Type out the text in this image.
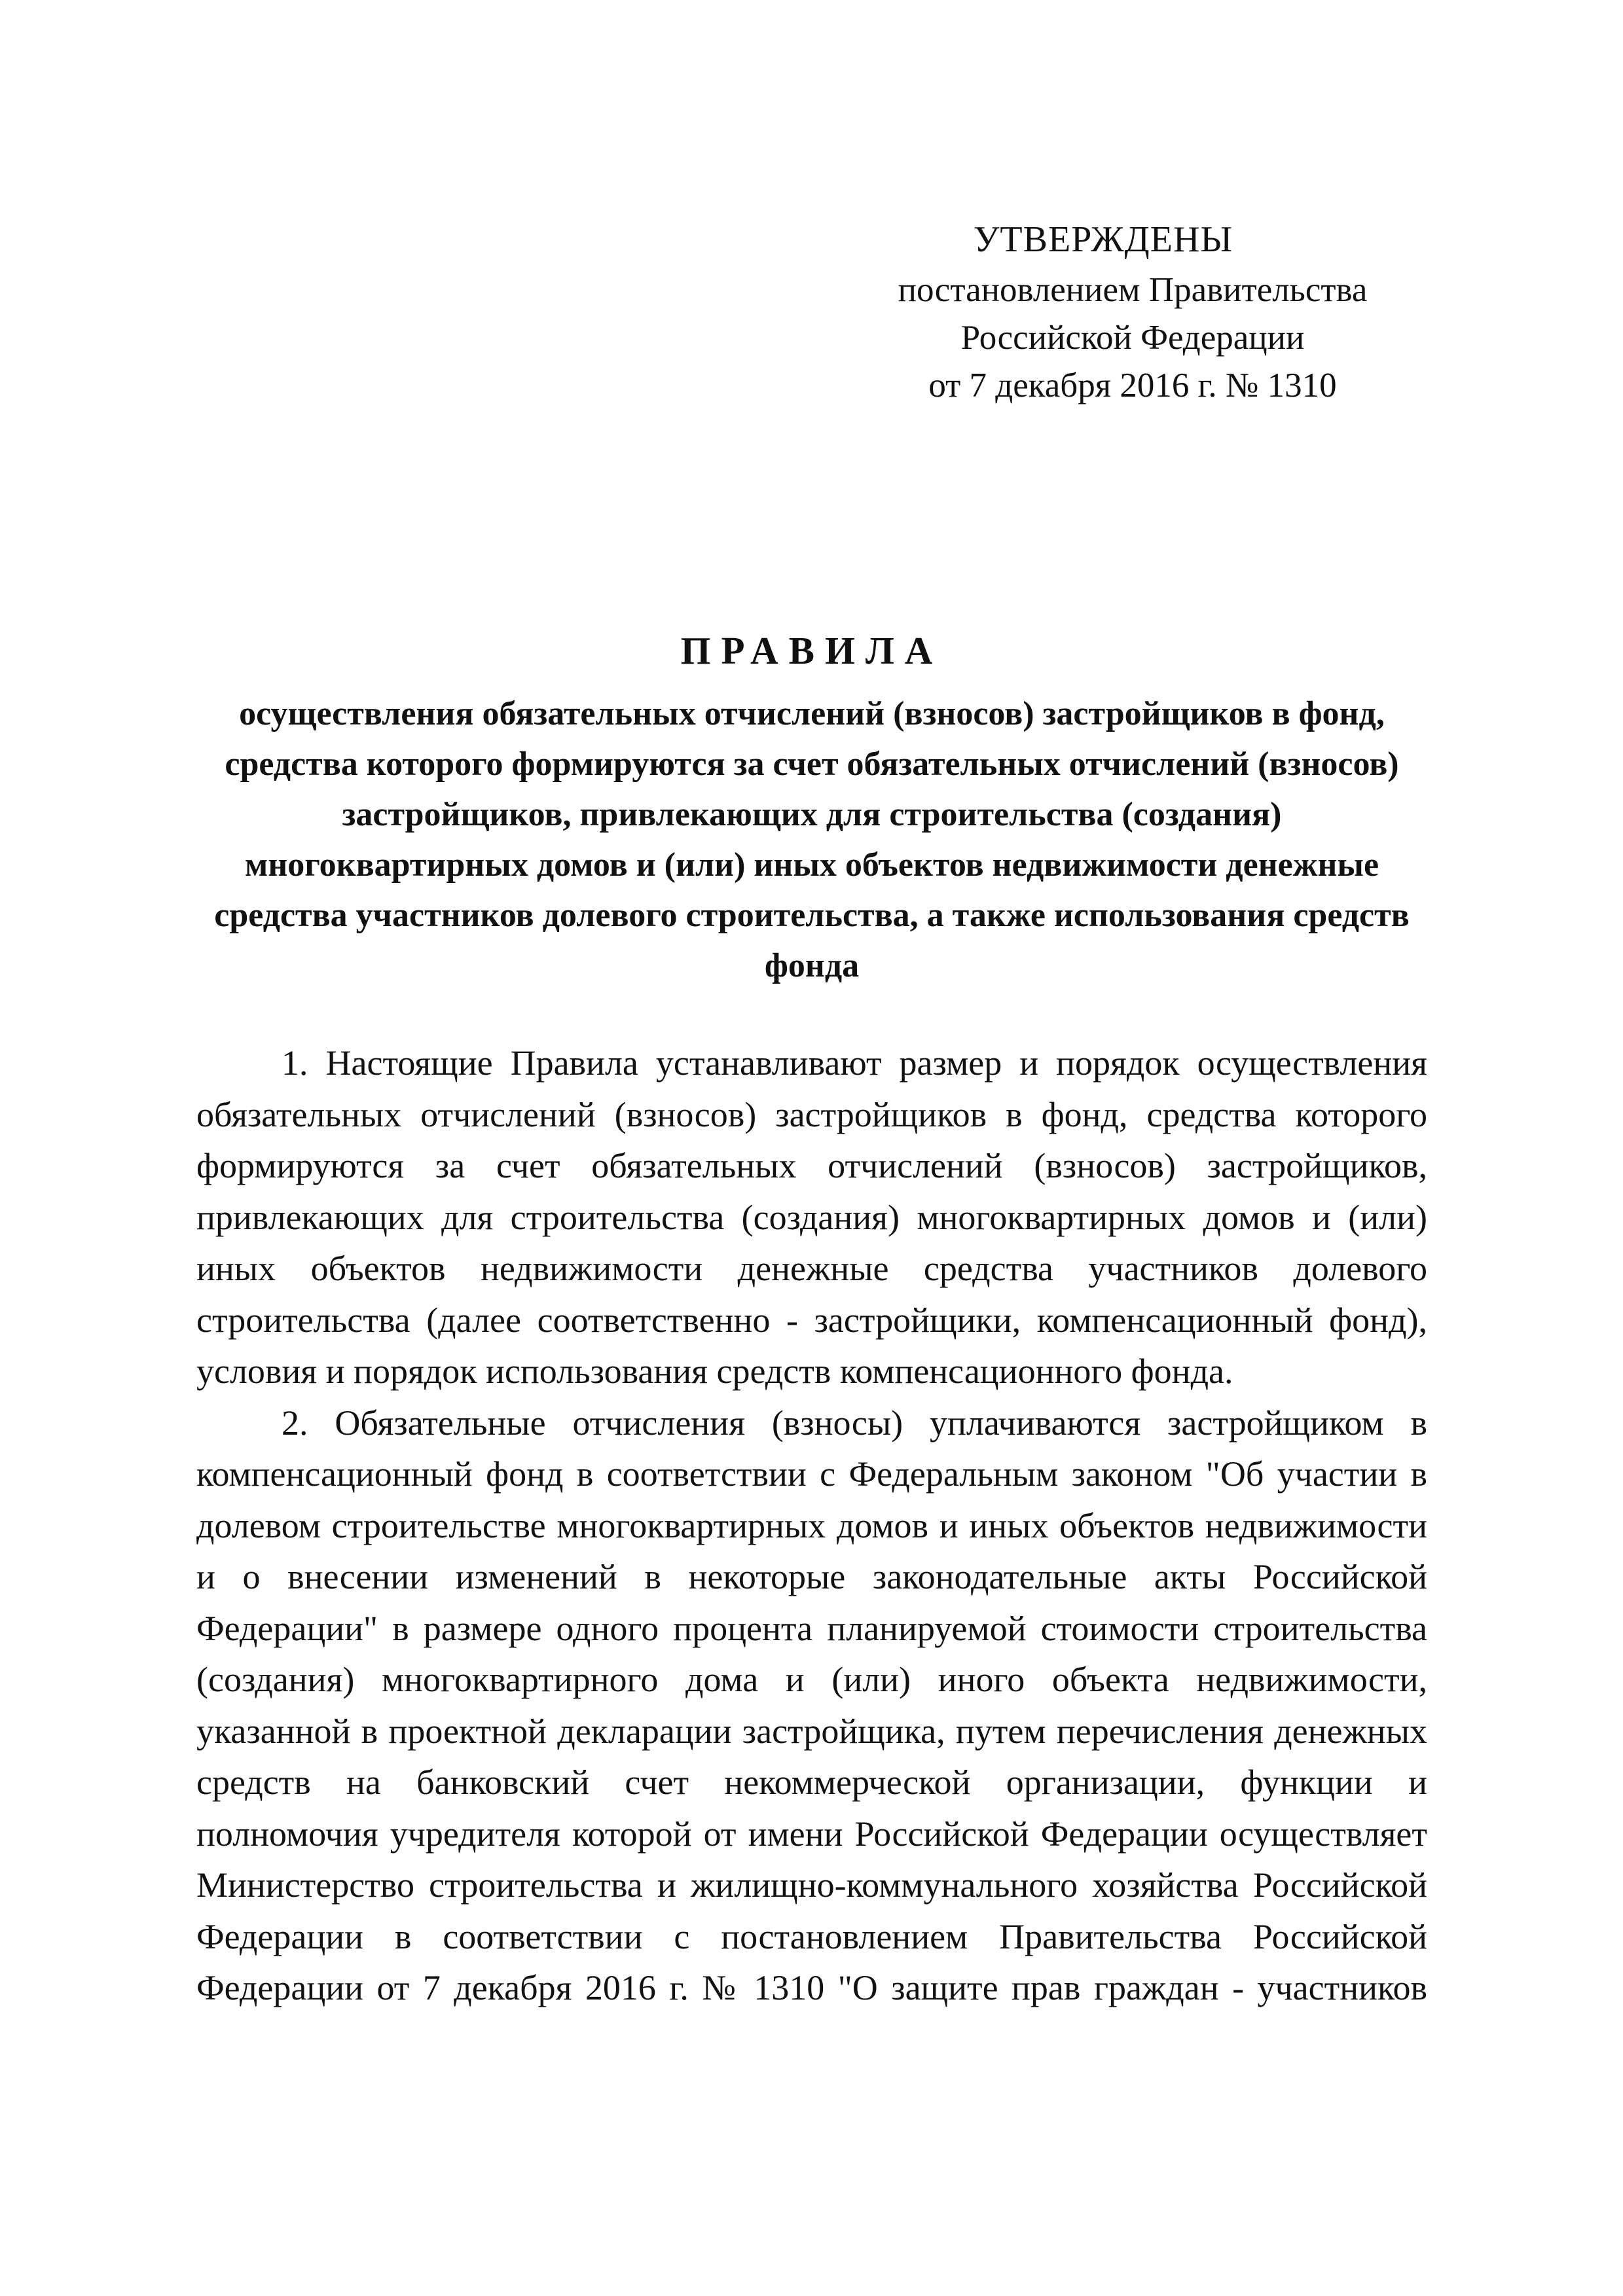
УТВЕРЖДЕНЫ
постановлением Правительства
Российской Федерации
от 7 декабря 2016 г. № 1310
ПРАВИЛА
осуществления обязательных отчислений (взносов) застройщиков в фонд, средства которого формируются за счет обязательных отчислений (взносов) застройщиков, привлекающих для строительства (создания) многоквартирных домов и (или) иных объектов недвижимости денежные средства участников долевого строительства, а также использования средств фонда

1. Настоящие Правила устанавливают размер и порядок осуществления обязательных отчислений (взносов) застройщиков в фонд, средства которого формируются за счет обязательных отчислений (взносов) застройщиков, привлекающих для строительства (создания) многоквартирных домов и (или) иных объектов недвижимости денежные средства участников долевого строительства (далее соответственно - застройщики, компенсационный фонд), условия и порядок использования средств компенсационного фонда.

2. Обязательные отчисления (взносы) уплачиваются застройщиком в компенсационный фонд в соответствии с Федеральным законом "Об участии в долевом строительстве многоквартирных домов и иных объектов недвижимости и о внесении изменений в некоторые законодательные акты Российской Федерации" в размере одного процента планируемой стоимости строительства (создания) многоквартирного дома и (или) иного объекта недвижимости, указанной в проектной декларации застройщика, путем перечисления денежных средств на банковский счет некоммерческой организации, функции и полномочия учредителя которой от имени Российской Федерации осуществляет Министерство строительства и жилищно-коммунального хозяйства Российской Федерации в соответствии с постановлением Правительства Российской Федерации от 7 декабря 2016 г. № 1310 "О защите прав граждан - участников
